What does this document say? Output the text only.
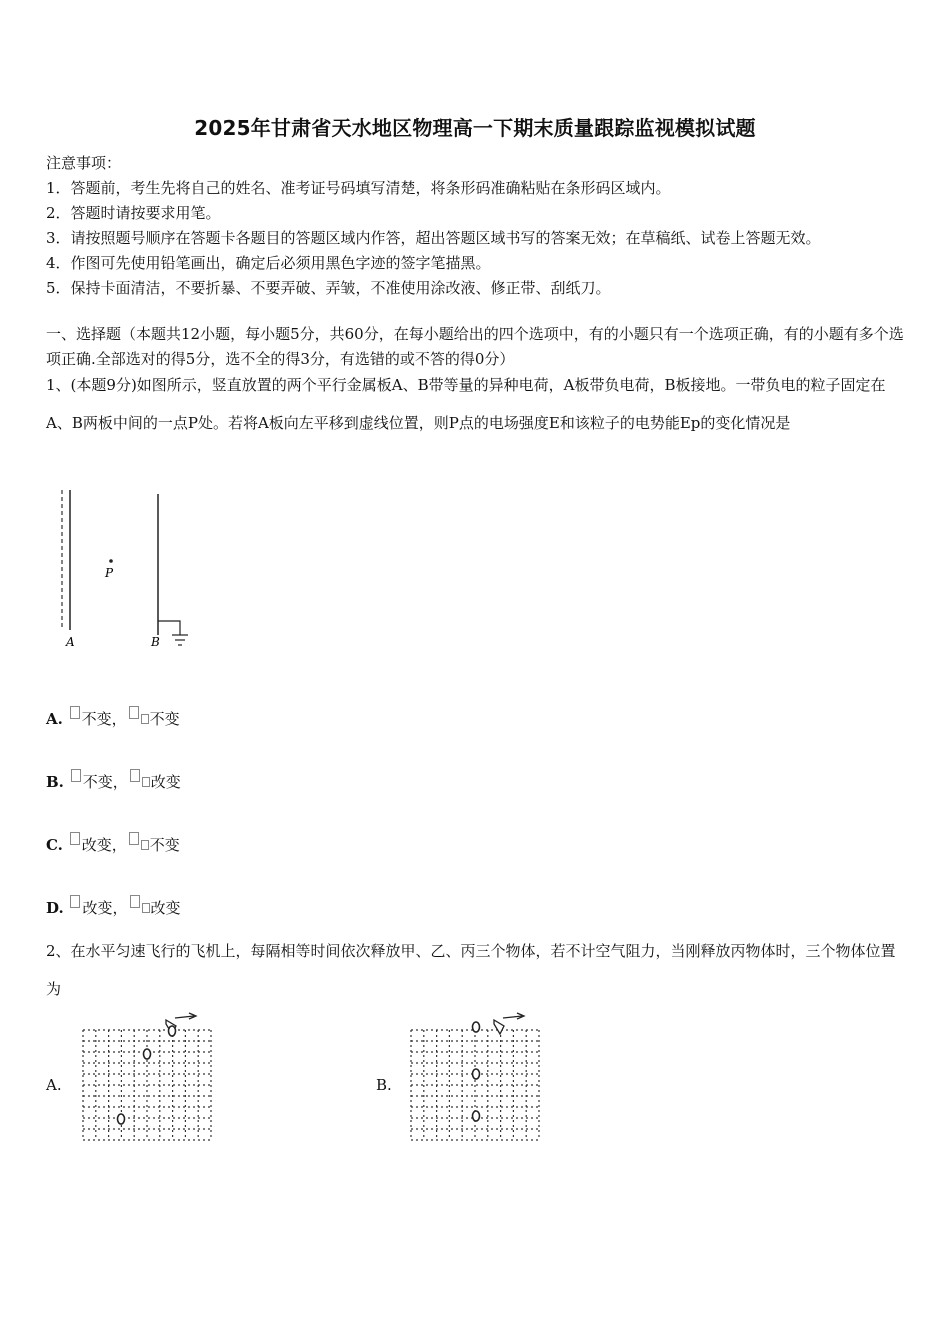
2025年甘肃省天水地区物理高一下期末质量跟踪监视模拟试题
注意事项：
1．答题前，考生先将自己的姓名、准考证号码填写清楚，将条形码准确粘贴在条形码区域内。
2．答题时请按要求用笔。
3．请按照题号顺序在答题卡各题目的答题区域内作答，超出答题区域书写的答案无效；在草稿纸、试卷上答题无效。
4．作图可先使用铅笔画出，确定后必须用黑色字迹的签字笔描黑。
5．保持卡面清洁，不要折暴、不要弄破、弄皱，不准使用涂改液、修正带、刮纸刀。
一、选择题（本题共12小题，每小题5分，共60分，在每小题给出的四个选项中，有的小题只有一个选项正确，有的小题有多个选项正确.全部选对的得5分，选不全的得3分，有选错的或不答的得0分）
1、(本题9分)如图所示，竖直放置的两个平行金属板A、B带等量的异种电荷，A板带负电荷，B板接地。一带负电的粒子固定在A、B两板中间的一点P处。若将A板向左平移到虚线位置，则P点的电场强度E和该粒子的电势能Ep的变化情况是
P
A	B
A. 不变， 不变
B. 不变， 改变
C. 改变， 不变
D. 改变， 改变
2、在水平匀速飞行的飞机上，每隔相等时间依次释放甲、乙、丙三个物体，若不计空气阻力，当刚释放丙物体时，三个物体位置为
A.	B.
